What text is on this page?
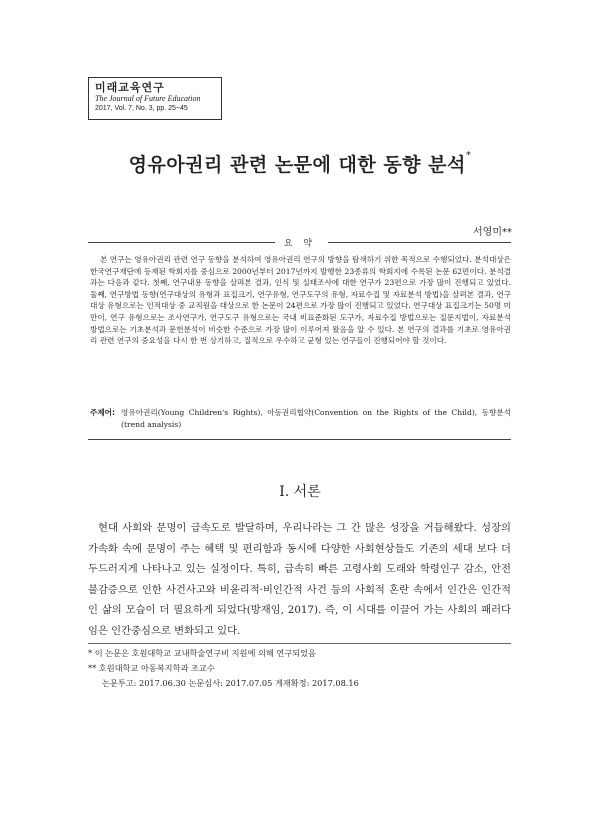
미래교육연구
The Journal of Future Education
2017, Vol. 7, No. 3, pp. 25~45
영유아권리 관련 논문에 대한 동향 분석*
서영미**
요 약
본 연구는 영유아권리 관련 연구 동향을 분석하여 영유아권리 연구의 방향을 탐색하기 위한 목적으로 수행되었다. 분석대상은 한국연구재단에 등재된 학회지를 중심으로 2000년부터 2017년까지 발행한 23종류의 학회지에 수록된 논문 62편이다. 분석결과는 다음과 같다. 첫째, 연구내용 동향을 살펴본 결과, 인식 및 실태조사에 대한 연구가 23편으로 가장 많이 진행되고 있었다. 둘째, 연구방법 동향(연구대상의 유형과 표집크기, 연구유형, 연구도구의 유형, 자료수집 및 자료분석 방법)을 살펴본 결과, 연구대상 유형으로는 인적대상 중 교직원을 대상으로 한 논문이 24편으로 가장 많이 진행되고 있었다. 연구대상 표집크기는 50명 미만이, 연구 유형으로는 조사연구가, 연구도구 유형으로는 국내 비표준화된 도구가, 자료수집 방법으로는 질문지법이, 자료분석 방법으로는 기초분석과 문헌분석이 비슷한 수준으로 가장 많이 이루어져 왔음을 알 수 있다. 본 연구의 결과를 기초로 영유아권리 관련 연구의 중요성을 다시 한 번 상기하고, 질적으로 우수하고 균형 있는 연구들이 진행되어야 할 것이다.
주제어: 영유아권리(Young Children's Rights), 아동권리협약(Convention on the Rights of the Child), 동향분석(trend analysis)
Ⅰ. 서론
현대 사회와 문명이 급속도로 발달하며, 우리나라는 그 간 많은 성장을 거듭해왔다. 성장의 가속화 속에 문명이 주는 혜택 및 편리함과 동시에 다양한 사회현상들도 기존의 세대 보다 더 두드러지게 나타나고 있는 실정이다. 특히, 급속히 빠른 고령사회 도래와 학령인구 감소, 안전 불감증으로 인한 사건사고와 비윤리적·비인간적 사건 등의 사회적 혼란 속에서 인간은 인간적인 삶의 모습이 더 필요하게 되었다(방재임, 2017). 즉, 이 시대를 이끌어 가는 사회의 패러다임은 인간중심으로 변화되고 있다.
* 이 논문은 호원대학교 교내학술연구비 지원에 의해 연구되었음
** 호원대학교 아동복지학과 조교수
논문투고: 2017.06.30 논문심사: 2017.07.05 게재확정: 2017.08.16
